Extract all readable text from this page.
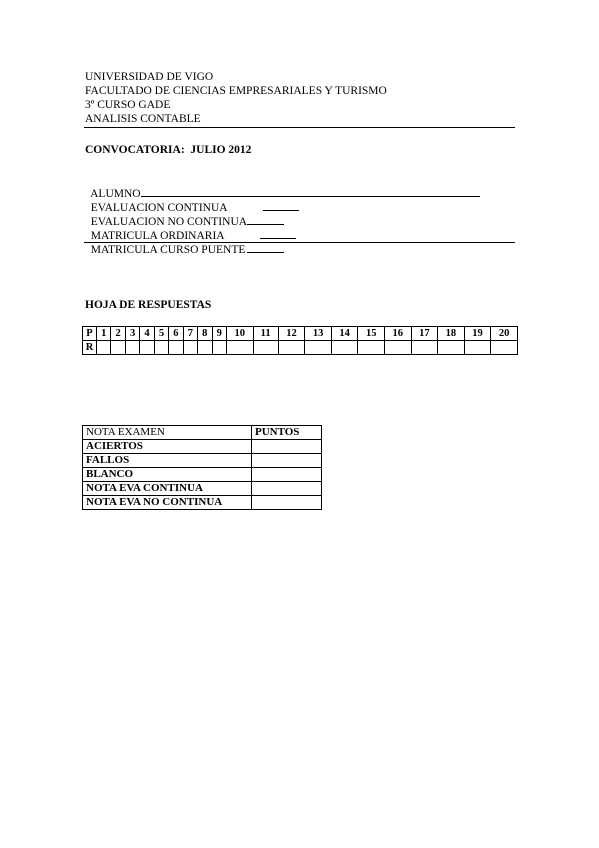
UNIVERSIDAD DE VIGO
FACULTADO DE CIENCIAS EMPRESARIALES Y TURISMO
3º CURSO GADE
ANALISIS CONTABLE
CONVOCATORIA:  JULIO 2012

ALUMNO

EVALUACION CONTINUA

EVALUACION NO CONTINUA

MATRICULA ORDINARIA

MATRICULA CURSO PUENTE

HOJA DE RESPUESTAS
P	1	2	3	4	5	6	7	8	9	10	11	12	13	14	15	16	17	18	19	20
R																				
NOTA EXAMEN	PUNTOS
ACIERTOS	
FALLOS	
BLANCO	
NOTA EVA CONTINUA	
NOTA EVA NO CONTINUA	
